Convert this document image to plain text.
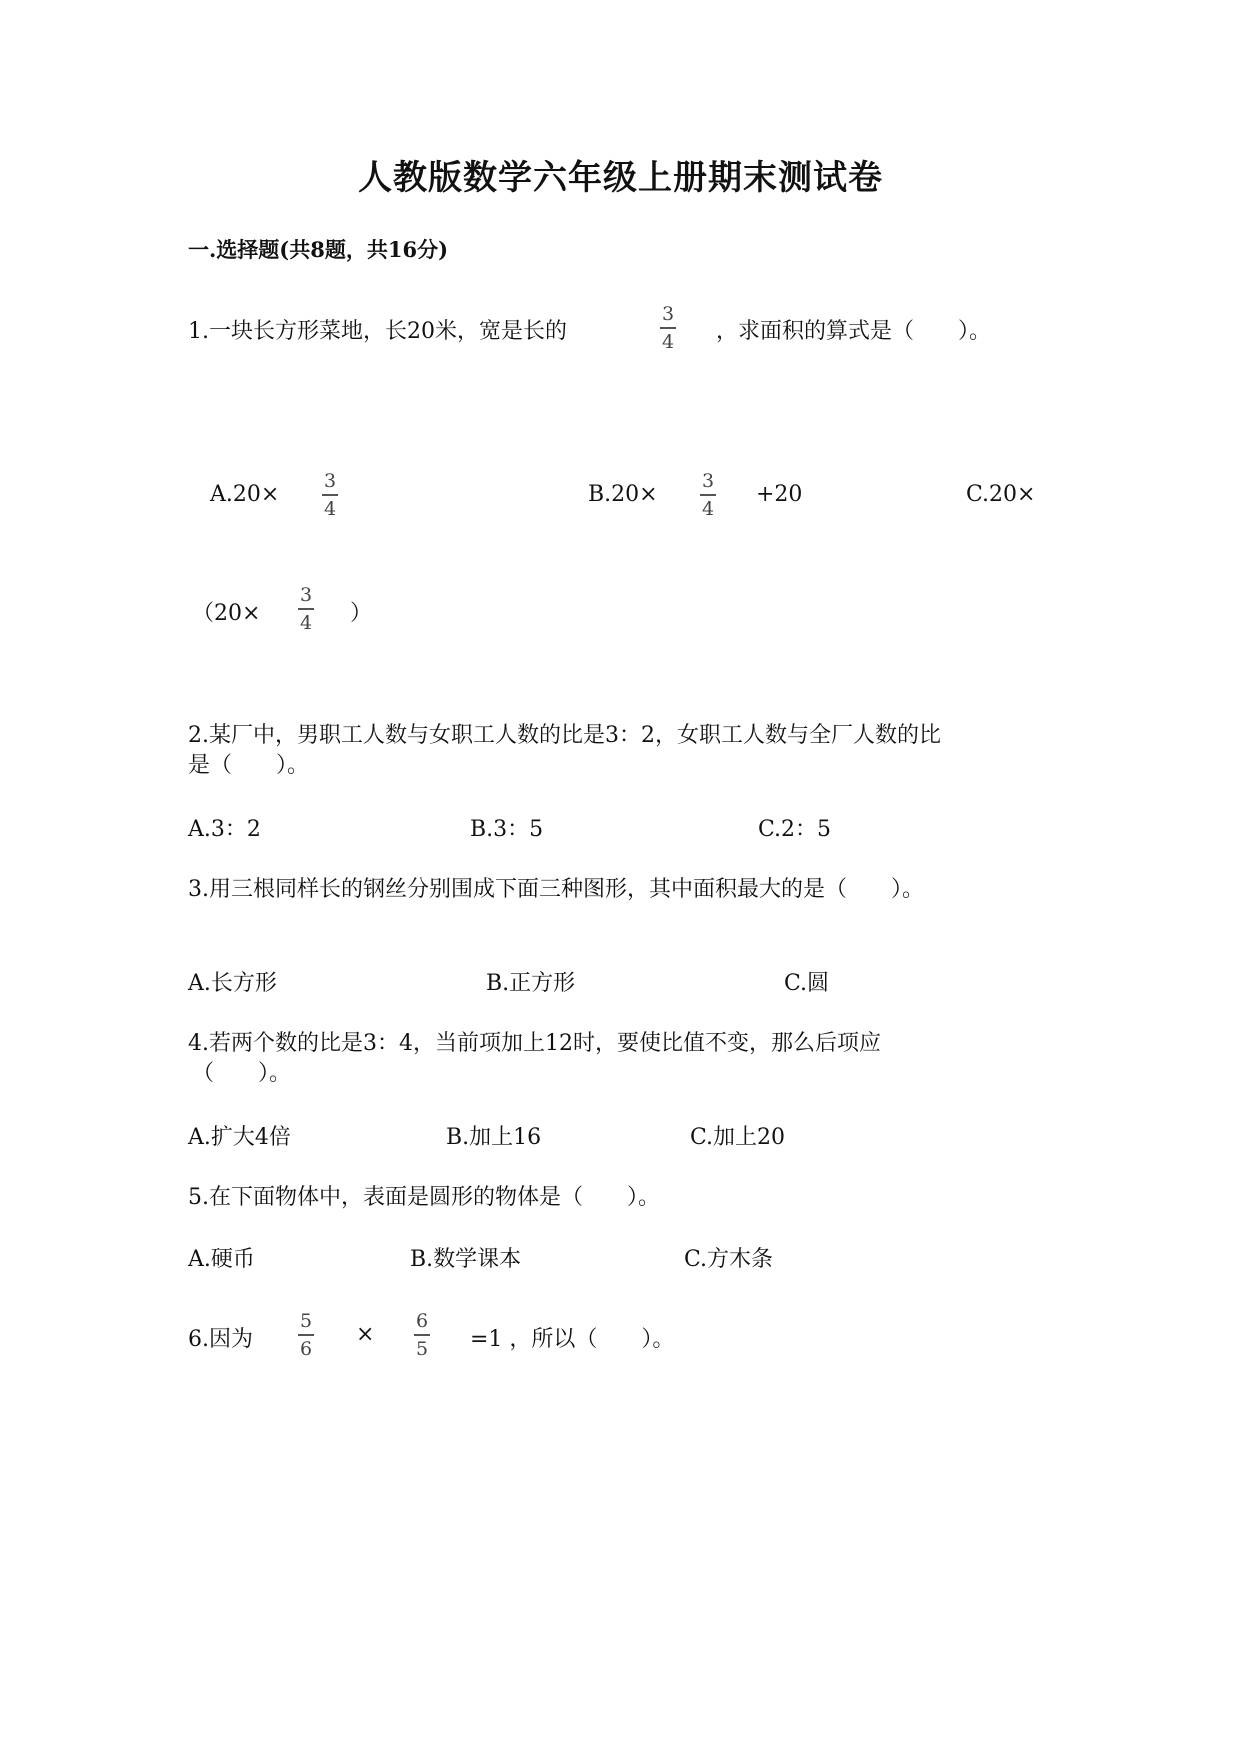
人教版数学六年级上册期末测试卷
一.选择题(共8题，共16分)
1.一块长方形菜地，长20米，宽是长的
3
4 ，求面积的算式是（　　）。
A.20×
3
4
B.20×
3
4
+20	C.20×
（20×
3
4 ）
2.某厂中，男职工人数与女职工人数的比是3：2，女职工人数与全厂人数的比
是（　　）。
A.3：2	B.3：5	C.2：5
3.用三根同样长的钢丝分别围成下面三种图形，其中面积最大的是（　　）。
A.长方形	B.正方形	C.圆
4.若两个数的比是3：4，当前项加上12时，要使比值不变，那么后项应
（　　）。
A.扩大4倍	B.加上16	C.加上20
5.在下面物体中，表面是圆形的物体是（　　）。
A.硬币	B.数学课本	C.方木条
6.因为
5
6
×
6
5 =1 ，所以（　　）。
